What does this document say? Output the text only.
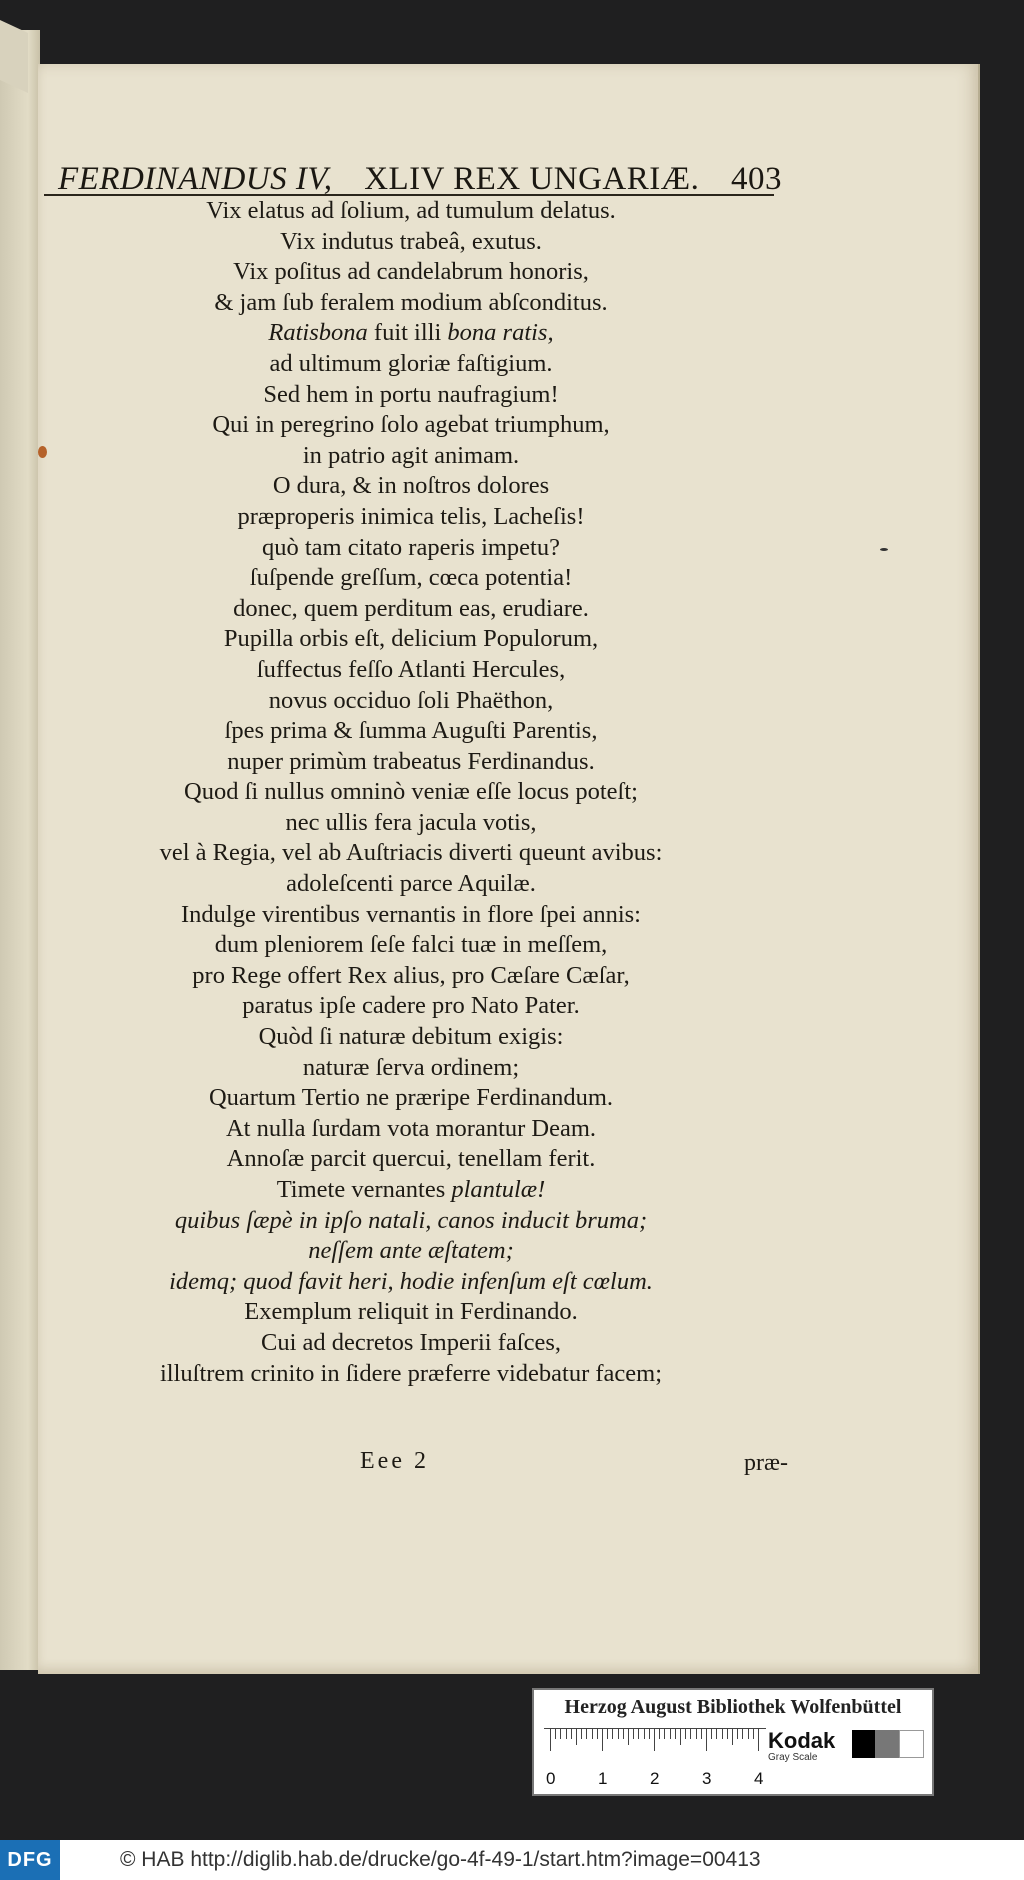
FERDINANDUS IV, XLIV REX UNGARIÆ. 403
Vix elatus ad ſolium, ad tumulum delatus.
Vix indutus trabeâ, exutus.
Vix poſitus ad candelabrum honoris,
& jam ſub feralem modium abſconditus.
Ratisbona fuit illi bona ratis,
ad ultimum gloriæ faſtigium.
Sed hem in portu naufragium!
Qui in peregrino ſolo agebat triumphum,
in patrio agit animam.
O dura, & in noſtros dolores
præproperis inimica telis, Lacheſis!
quò tam citato raperis impetu?
ſuſpende greſſum, cœca potentia!
donec, quem perditum eas, erudiare.
Pupilla orbis eſt, delicium Populorum,
ſuffectus feſſo Atlanti Hercules,
novus occiduo ſoli Phaëthon,
ſpes prima & ſumma Auguſti Parentis,
nuper primùm trabeatus Ferdinandus.
Quod ſi nullus omninò veniæ eſſe locus poteſt;
nec ullis fera jacula votis,
vel à Regia, vel ab Auſtriacis diverti queunt avibus:
adoleſcenti parce Aquilæ.
Indulge virentibus vernantis in flore ſpei annis:
dum pleniorem ſeſe falci tuæ in meſſem,
pro Rege offert Rex alius, pro Cæſare Cæſar,
paratus ipſe cadere pro Nato Pater.
Quòd ſi naturæ debitum exigis:
naturæ ſerva ordinem;
Quartum Tertio ne præripe Ferdinandum.
At nulla ſurdam vota morantur Deam.
Annoſæ parcit quercui, tenellam ferit.
Timete vernantes plantulæ!
quibus ſæpè in ipſo natali, canos inducit bruma;
neſſem ante æſtatem;
idemq; quod favit heri, hodie infenſum eſt cœlum.
Exemplum reliquit in Ferdinando.
Cui ad decretos Imperii faſces,
illuſtrem crinito in ſidere præferre videbatur facem;
Eee 2	præ-
Herzog August Bibliothek Wolfenbüttel
0	1	2	3	4
Kodak
Gray Scale
DFG	© HAB http://diglib.hab.de/drucke/go-4f-49-1/start.htm?image=00413
